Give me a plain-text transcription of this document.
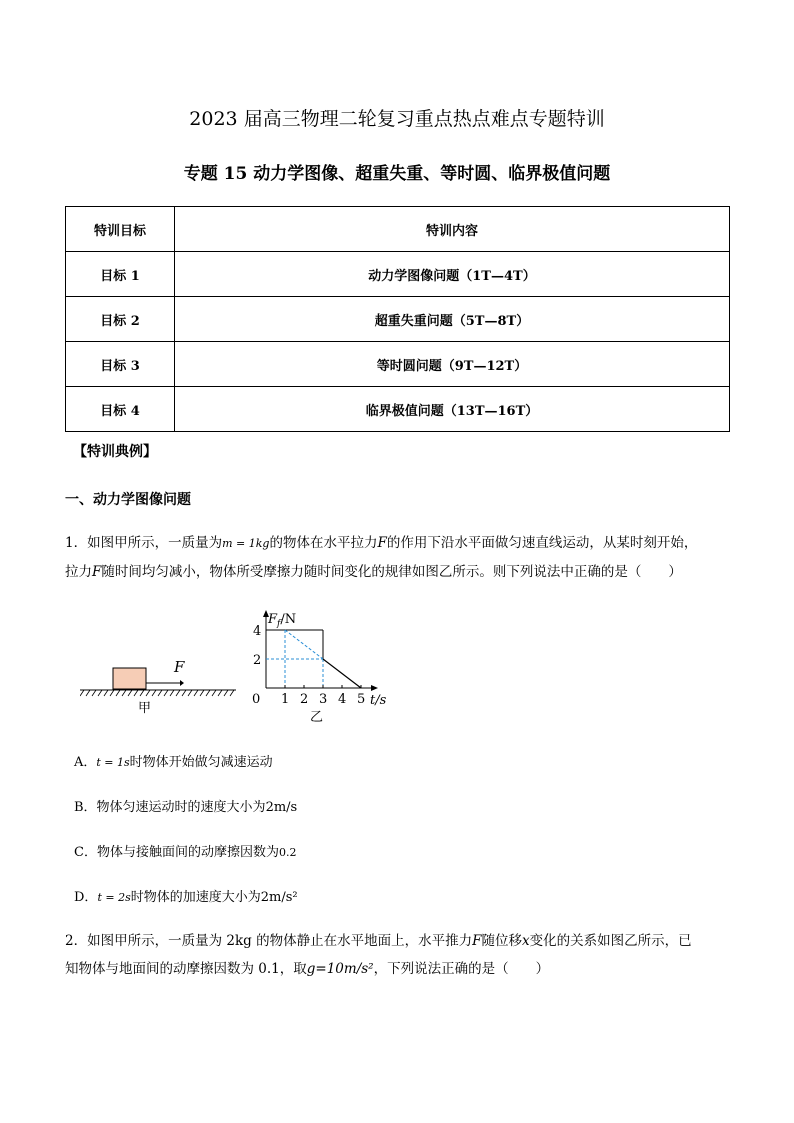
2023 届高三物理二轮复习重点热点难点专题特训
专题 15 动力学图像、超重失重、等时圆、临界极值问题
特训目标	特训内容
目标 1	动力学图像问题（1T—4T）
目标 2	超重失重问题（5T—8T）
目标 3	等时圆问题（9T—12T）
目标 4	临界极值问题（13T—16T）
【特训典例】
一、动力学图像问题
1．如图甲所示，一质量为m = 1kg的物体在水平拉力F的作用下沿水平面做匀速直线运动，从某时刻开始，
拉力F随时间均匀减小，物体所受摩擦力随时间变化的规律如图乙所示。则下列说法中正确的是（　　）
F
甲
0 1 2 3 4 5
4
2
t/s
$F_f/N$
乙
A．t = 1s时物体开始做匀减速运动
B．物体匀速运动时的速度大小为2m/s
C．物体与接触面间的动摩擦因数为0.2
D．t = 2s时物体的加速度大小为2m/s²
2．如图甲所示，一质量为 2kg 的物体静止在水平地面上，水平推力F随位移x变化的关系如图乙所示，已
知物体与地面间的动摩擦因数为 0.1，取g=10m/s²，下列说法正确的是（　　）
